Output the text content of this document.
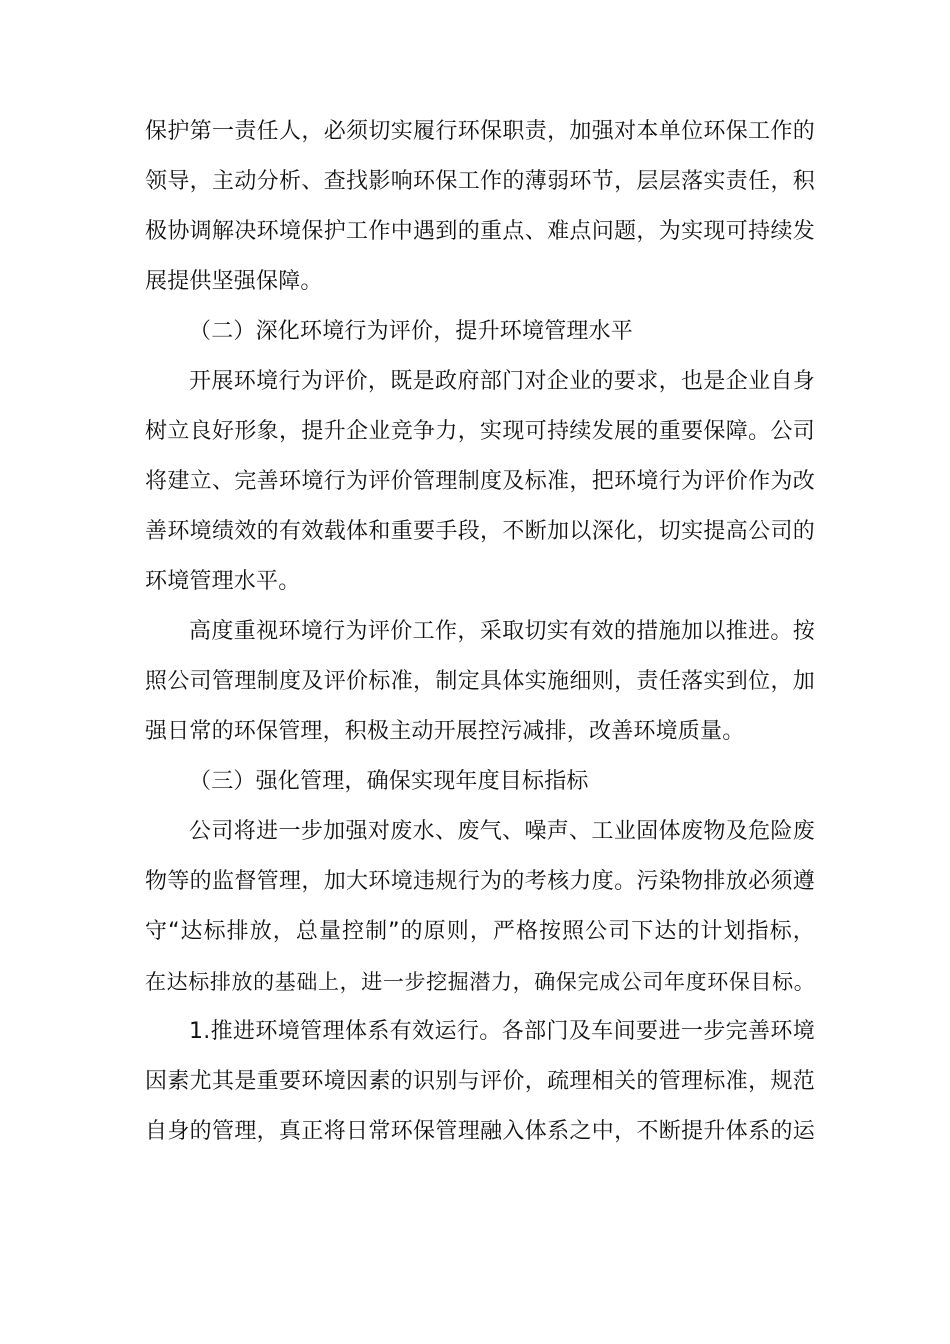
保护第一责任人，必须切实履行环保职责，加强对本单位环保工作的
领导，主动分析、查找影响环保工作的薄弱环节，层层落实责任，积
极协调解决环境保护工作中遇到的重点、难点问题，为实现可持续发
展提供坚强保障。
（二）深化环境行为评价，提升环境管理水平
开展环境行为评价，既是政府部门对企业的要求，也是企业自身
树立良好形象，提升企业竞争力，实现可持续发展的重要保障。公司
将建立、完善环境行为评价管理制度及标准，把环境行为评价作为改
善环境绩效的有效载体和重要手段，不断加以深化，切实提高公司的
环境管理水平。
高度重视环境行为评价工作，采取切实有效的措施加以推进。按
照公司管理制度及评价标准，制定具体实施细则，责任落实到位，加
强日常的环保管理，积极主动开展控污减排，改善环境质量。
（三）强化管理，确保实现年度目标指标
公司将进一步加强对废水、废气、噪声、工业固体废物及危险废
物等的监督管理，加大环境违规行为的考核力度。污染物排放必须遵
守“达标排放，总量控制”的原则，严格按照公司下达的计划指标，
在达标排放的基础上，进一步挖掘潜力，确保完成公司年度环保目标。
1.推进环境管理体系有效运行。各部门及车间要进一步完善环境
因素尤其是重要环境因素的识别与评价，疏理相关的管理标准，规范
自身的管理，真正将日常环保管理融入体系之中，不断提升体系的运
